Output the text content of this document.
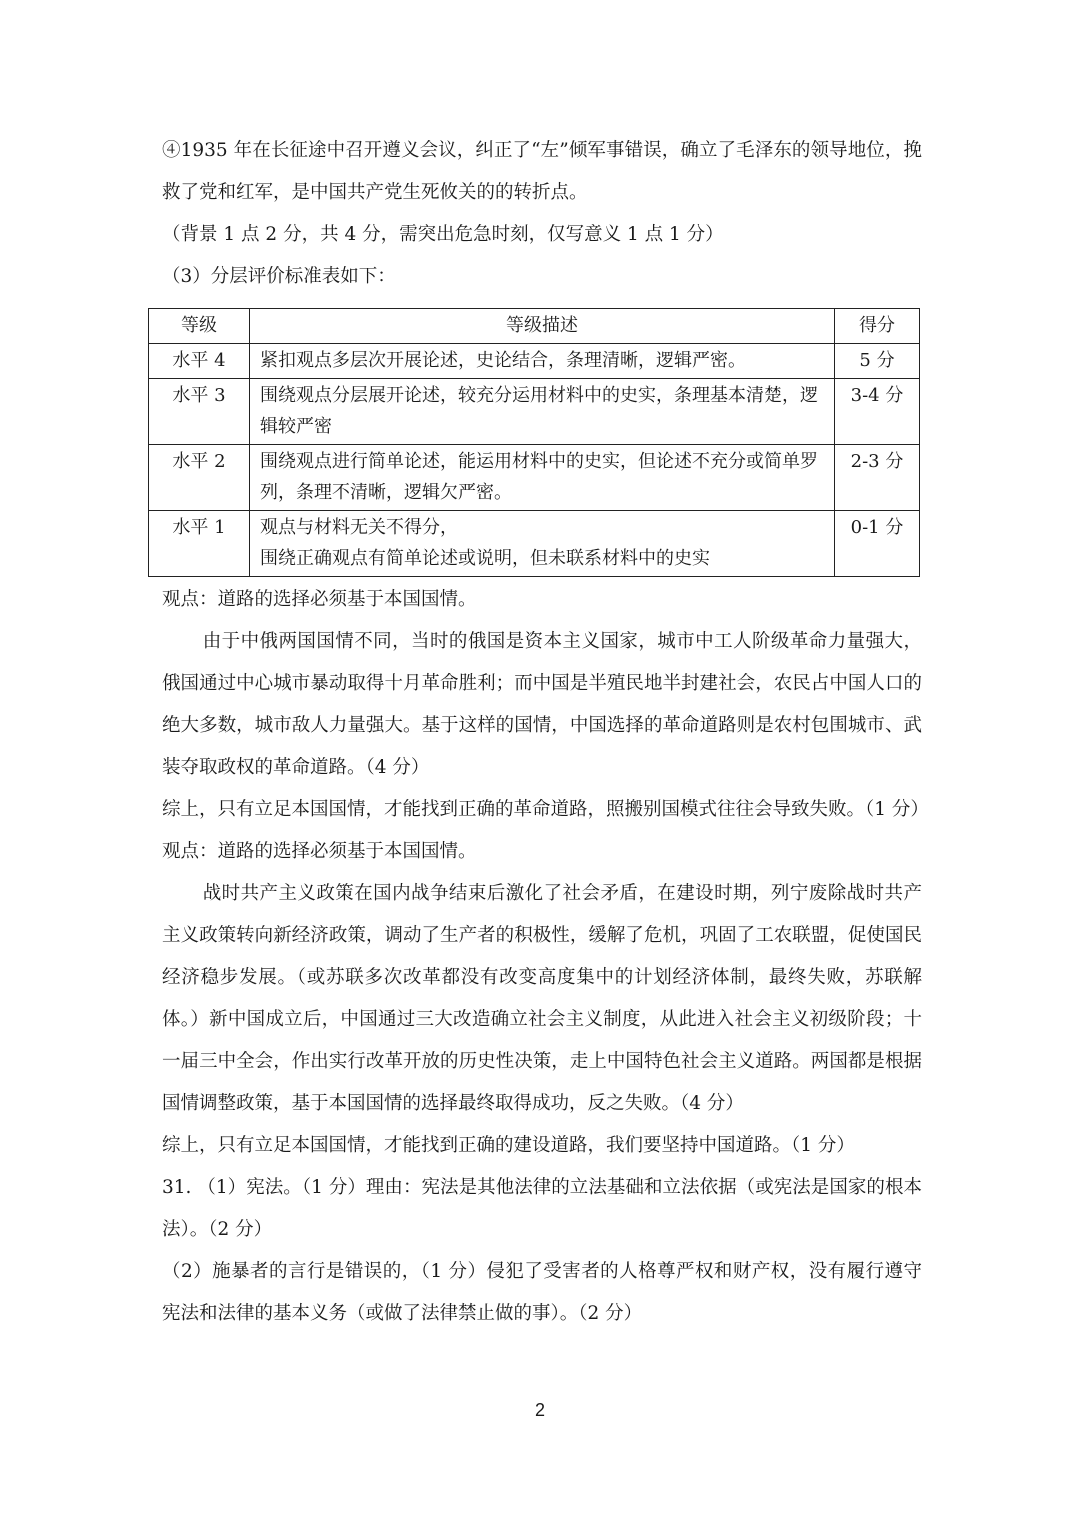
④1935 年在长征途中召开遵义会议，纠正了“左”倾军事错误，确立了毛泽东的领导地位，挽救了党和红军，是中国共产党生死攸关的的转折点。

（背景 1 点 2 分，共 4 分，需突出危急时刻，仅写意义 1 点 1 分）

（3）分层评价标准表如下：

等级	等级描述	得分
水平 4	紧扣观点多层次开展论述，史论结合，条理清晰，逻辑严密。	5 分
水平 3	围绕观点分层展开论述，较充分运用材料中的史实，条理基本清楚，逻辑较严密	3-4 分
水平 2	围绕观点进行简单论述，能运用材料中的史实，但论述不充分或简单罗列，条理不清晰，逻辑欠严密。	2-3 分
水平 1	观点与材料无关不得分，
围绕正确观点有简单论述或说明，但未联系材料中的史实	0-1 分

观点：道路的选择必须基于本国国情。

由于中俄两国国情不同，当时的俄国是资本主义国家，城市中工人阶级革命力量强大，俄国通过中心城市暴动取得十月革命胜利；而中国是半殖民地半封建社会，农民占中国人口的绝大多数，城市敌人力量强大。基于这样的国情，中国选择的革命道路则是农村包围城市、武装夺取政权的革命道路。（4 分）

综上，只有立足本国国情，才能找到正确的革命道路，照搬别国模式往往会导致失败。（1 分）

观点：道路的选择必须基于本国国情。

战时共产主义政策在国内战争结束后激化了社会矛盾，在建设时期，列宁废除战时共产主义政策转向新经济政策，调动了生产者的积极性，缓解了危机，巩固了工农联盟，促使国民经济稳步发展。（或苏联多次改革都没有改变高度集中的计划经济体制，最终失败，苏联解体。）新中国成立后，中国通过三大改造确立社会主义制度，从此进入社会主义初级阶段；十一届三中全会，作出实行改革开放的历史性决策，走上中国特色社会主义道路。两国都是根据国情调整政策，基于本国国情的选择最终取得成功，反之失败。（4 分）

综上，只有立足本国国情，才能找到正确的建设道路，我们要坚持中国道路。（1 分）

31. （1）宪法。（1 分）理由：宪法是其他法律的立法基础和立法依据（或宪法是国家的根本法）。（2 分）

（2）施暴者的言行是错误的，（1 分）侵犯了受害者的人格尊严权和财产权，没有履行遵守宪法和法律的基本义务（或做了法律禁止做的事）。（2 分）

2
